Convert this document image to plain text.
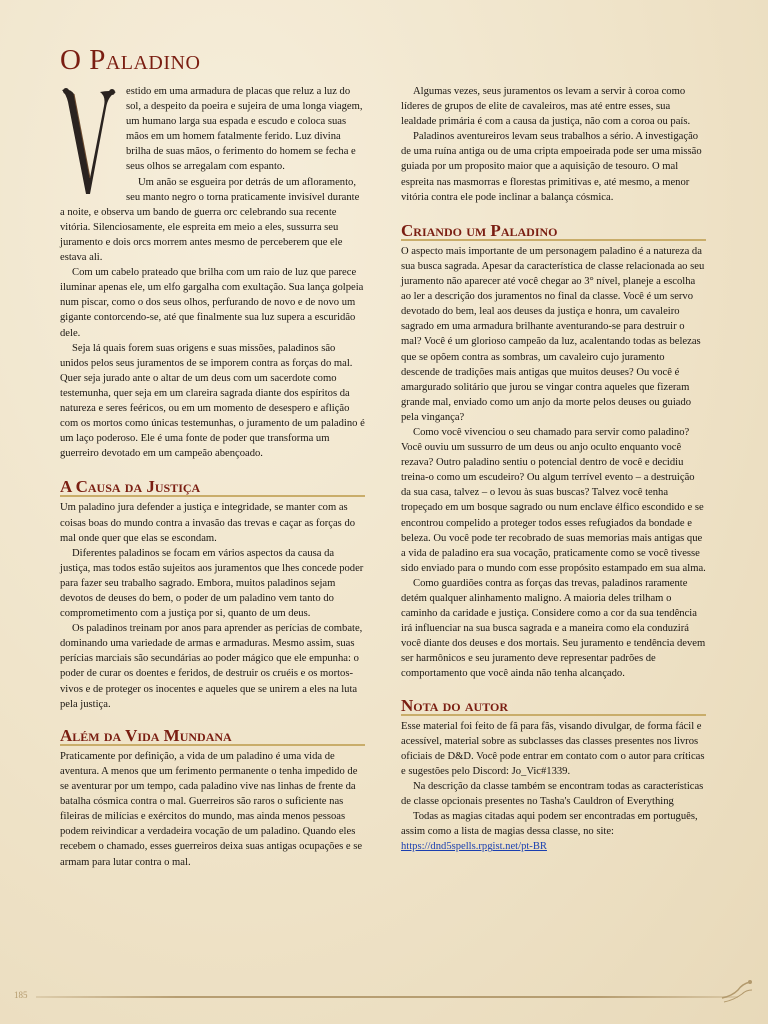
O Paladino

estido em uma armadura de placas que reluz a luz do sol, a despeito da poeira e sujeira de uma longa viagem, um humano larga sua espada e escudo e coloca suas mãos em um homem fatalmente ferido. Luz divina brilha de suas mãos, o ferimento do homem se fecha e seus olhos se arregalam com espanto.

Um anão se esgueira por detrás de um afloramento, seu manto negro o torna praticamente invisível durante a noite, e observa um bando de guerra orc celebrando sua recente vitória. Silenciosamente, ele espreita em meio a eles, sussurra seu juramento e dois orcs morrem antes mesmo de perceberem que ele estava ali.

Com um cabelo prateado que brilha com um raio de luz que parece iluminar apenas ele, um elfo gargalha com exultação. Sua lança golpeia num piscar, como o dos seus olhos, perfurando de novo e de novo um gigante contorcendo-se, até que finalmente sua luz supera a escuridão dele.

Seja lá quais forem suas origens e suas missões, paladinos são unidos pelos seus juramentos de se imporem contra as forças do mal. Quer seja jurado ante o altar de um deus com um sacerdote como testemunha, quer seja em um clareira sagrada diante dos espíritos da natureza e seres feéricos, ou em um momento de desespero e aflição com os mortos como únicas testemunhas, o juramento de um paladino é um laço poderoso. Ele é uma fonte de poder que transforma um guerreiro devotado em um campeão abençoado.

A Causa da Justiça

Um paladino jura defender a justiça e integridade, se manter com as coisas boas do mundo contra a invasão das trevas e caçar as forças do mal onde quer que elas se escondam.

Diferentes paladinos se focam em vários aspectos da causa da justiça, mas todos estão sujeitos aos juramentos que lhes concede poder para fazer seu trabalho sagrado. Embora, muitos paladinos sejam devotos de deuses do bem, o poder de um paladino vem tanto do comprometimento com a justiça por si, quanto de um deus.

Os paladinos treinam por anos para aprender as perícias de combate, dominando uma variedade de armas e armaduras. Mesmo assim, suas perícias marciais são secundárias ao poder mágico que ele empunha: o poder de curar os doentes e feridos, de destruir os cruéis e os mortos-vivos e de proteger os inocentes e aqueles que se unirem a eles na luta pela justiça.

Além da Vida Mundana

Praticamente por definição, a vida de um paladino é uma vida de aventura. A menos que um ferimento permanente o tenha impedido de se aventurar por um tempo, cada paladino vive nas linhas de frente da batalha cósmica contra o mal. Guerreiros são raros o suficiente nas fileiras de milícias e exércitos do mundo, mas ainda menos pessoas podem reivindicar a verdadeira vocação de um paladino. Quando eles recebem o chamado, esses guerreiros deixa suas antigas ocupações e se armam para lutar contra o mal.

Algumas vezes, seus juramentos os levam a servir à coroa como líderes de grupos de elite de cavaleiros, mas até entre esses, sua lealdade primária é com a causa da justiça, não com a coroa ou país.

Paladinos aventureiros levam seus trabalhos a sério. A investigação de uma ruína antiga ou de uma cripta empoeirada pode ser uma missão guiada por um proposito maior que a aquisição de tesouro. O mal espreita nas masmorras e florestas primitivas e, até mesmo, a menor vitória contra ele pode inclinar a balança cósmica.

Criando um Paladino

O aspecto mais importante de um personagem paladino é a natureza da sua busca sagrada. Apesar da característica de classe relacionada ao seu juramento não aparecer até você chegar ao 3° nível, planeje a escolha ao ler a descrição dos juramentos no final da classe. Você é um servo devotado do bem, leal aos deuses da justiça e honra, um cavaleiro sagrado em uma armadura brilhante aventurando-se para destruir o mal? Você é um glorioso campeão da luz, acalentando todas as belezas que se opõem contra as sombras, um cavaleiro cujo juramento descende de tradições mais antigas que muitos deuses? Ou você é amargurado solitário que jurou se vingar contra aqueles que fizeram grande mal, enviado como um anjo da morte pelos deuses ou guiado pela vingança?

Como você vivenciou o seu chamado para servir como paladino? Você ouviu um sussurro de um deus ou anjo oculto enquanto você rezava? Outro paladino sentiu o potencial dentro de você e decidiu treina-o como um escudeiro? Ou algum terrível evento – a destruição da sua casa, talvez – o levou às suas buscas? Talvez você tenha tropeçado em um bosque sagrado ou num enclave élfico escondido e se encontrou compelido a proteger todos esses refugiados da bondade e beleza. Ou você pode ter recobrado de suas memorias mais antigas que a vida de paladino era sua vocação, praticamente como se você tivesse sido enviado para o mundo com esse propósito estampado em sua alma.

Como guardiões contra as forças das trevas, paladinos raramente detém qualquer alinhamento maligno. A maioria deles trilham o caminho da caridade e justiça. Considere como a cor da sua tendência irá influenciar na sua busca sagrada e a maneira como ela conduzirá você diante dos deuses e dos mortais. Seu juramento e tendência devem ser harmônicos e seu juramento deve representar padrões de comportamento que você ainda não tenha alcançado.

Nota do autor

Esse material foi feito de fã para fãs, visando divulgar, de forma fácil e acessível, material sobre as subclasses das classes presentes nos livros oficiais de D&D. Você pode entrar em contato com o autor para críticas e sugestões pelo Discord: Jo_Vic#1339.

Na descrição da classe também se encontram todas as características de classe opcionais presentes no Tasha's Cauldron of Everything

Todas as magias citadas aqui podem ser encontradas em português, assim como a lista de magias dessa classe, no site:

https://dnd5spells.rpgist.net/pt-BR

185
